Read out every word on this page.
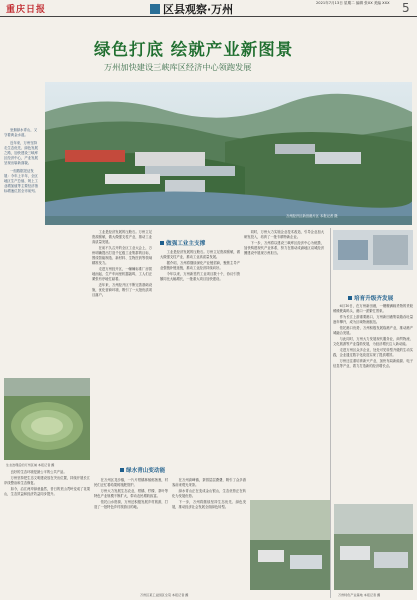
重庆日报	区县观察·万州	2021年7月13日 星期二 编辑 张XX 美编 XXX	5
绿色打底 绘就产业新图景
万州加快建设三峡库区经济中心领跑发展

坐拥绿水青山，又守着黄金水道。

近年来，万州坚持走生态优先、绿色发展之路，加快建设三峡库区经济中心，产业发展呈现出崭新面貌。

一组数据见证发展：今年上半年，全区地区生产总值、规上工业增加值等主要经济指标增速位居全市前列。

万州经开区新田港片区 本报记者 摄
做强工业主支撑

工业是经济发展的压舱石。万州立足资源禀赋，做大做强支柱产业，推动工业高质量发展。

在前不久召开的全区工业大会上，万州明确提出打造千亿级工业集群的目标，围绕智能制造、新材料、生物医药等领域精准发力。

走进万州经开区，一幢幢标准厂房拔地而起，生产车间里机器轰鸣，工人们正紧张有序地忙碌着。

近年来，万州经开区不断完善基础设施，优化营商环境，吸引了一大批优质项目落户。

工业是经济发展的压舱石。万州立足资源禀赋，做大做强支柱产业，推动工业高质量发展。

据介绍，万州将继续深化产业链招商，聚焦主导产业强链补链延链，推动工业经济持续向好。

今年以来，万州新签约工业项目数十个，协议引资额同比大幅增长，一批重大项目加快建设。

同时，万州大力实施企业技术改造，引导企业加大研发投入，培育了一批专精特新企业。

下一步，万州将以建设三峡库区经济中心为统揽，加快构建现代产业体系，努力在推动成渝地区双城经济圈建设中展现万州担当。

培育升级齐发展

6月10日，在万州新田港，一艘艘满载货物的货轮缓缓驶离码头，港口一派繁忙景象。

作为长江上游重要港口，万州新田港集装箱吞吐量逐年攀升，成为区域物流枢纽。

依托港口优势，万州积极发展临港产业，推动港产城融合发展。

与此同时，万州大力发展现代服务业，商贸物流、文化旅游等产业蓬勃发展，为经济增长注入新动能。

走进万州区众多企业，处处可见转型升级的生动实践，企业通过数字化改造实现了提质增效。

万州还注重培育新兴产业，加快布局新能源、电子信息等产业，着力打造新的经济增长点。

生态治理后的万州区域 本报记者 摄
绿水青山变动能

良好的生态环境是最公平的公共产品。

万州坚持把生态文明建设放在突出位置，持续开展长江岸线整治和生态修复。

如今，沿江两岸绿意盎然，昔日的荒山秃岭变成了花果山，生态效益和经济效益同步提升。

在万州区龙沙镇，一片片柑橘林郁郁葱葱，村民们正忙着给果树施肥管护。

万州大力发展生态农业，柑橘、柠檬、茶叶等特色产业规模不断扩大，带动农民增收致富。

依托山水资源，万州还积极发展乡村旅游，打造了一批特色乡村旅游目的地。

在万州高峰镇，茶园层层叠叠，吸引了众多游客前来观光采茶。

绿水青山正在变成金山银山，生态优势正在转化为发展优势。

下一步，万州将继续坚持生态优先、绿色发展，推动经济社会发展全面绿色转型。

万州区某工业园区全景 本报记者 摄	万州特色产业基地 本报记者 摄
